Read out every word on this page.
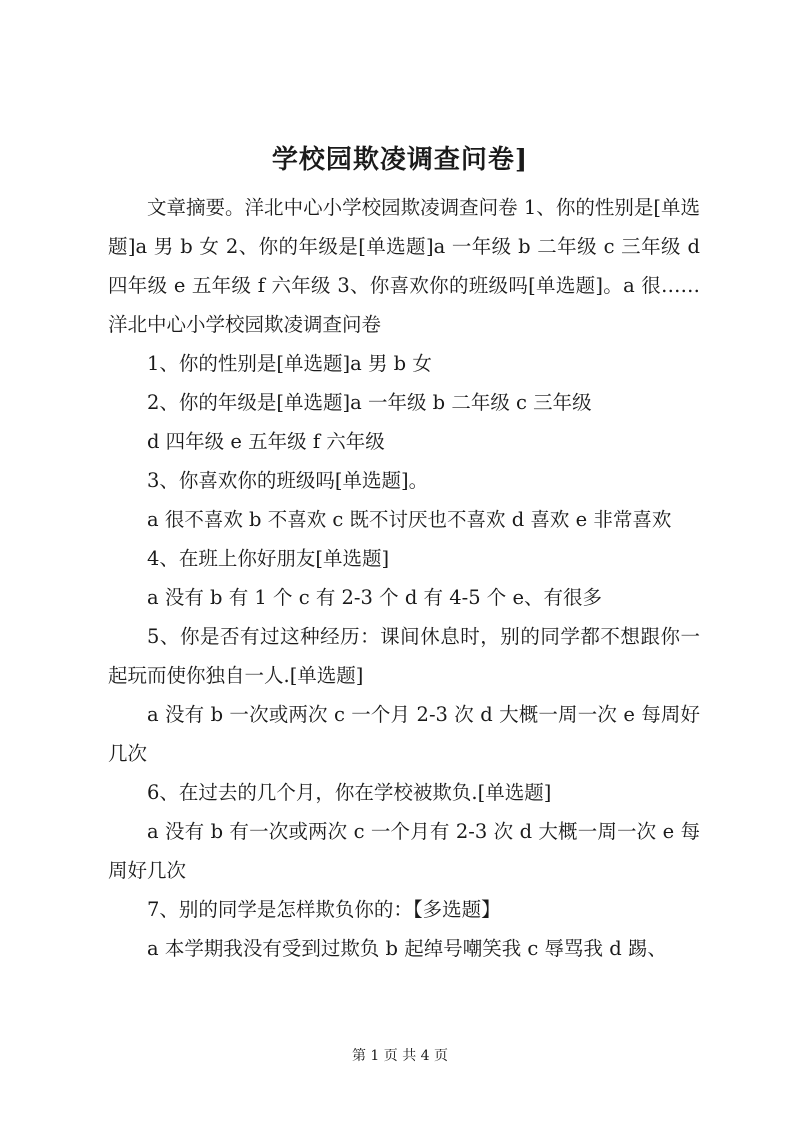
学校园欺凌调查问卷]

文章摘要。洋北中心小学校园欺凌调查问卷 1、你的性别是[单选题]a 男 b 女 2、你的年级是[单选题]a 一年级 b 二年级 c 三年级 d 四年级 e 五年级 f 六年级 3、你喜欢你的班级吗[单选题]。a 很……洋北中心小学校园欺凌调查问卷

1、你的性别是[单选题]a 男 b 女

2、你的年级是[单选题]a 一年级 b 二年级 c 三年级

d 四年级 e 五年级 f 六年级

3、你喜欢你的班级吗[单选题]。

a 很不喜欢 b 不喜欢 c 既不讨厌也不喜欢 d 喜欢 e 非常喜欢

4、在班上你好朋友[单选题]

a 没有 b 有 1 个 c 有 2-3 个 d 有 4-5 个 e、有很多

5、你是否有过这种经历：课间休息时，别的同学都不想跟你一起玩而使你独自一人.[单选题]

a 没有 b 一次或两次 c 一个月 2-3 次 d 大概一周一次 e 每周好几次

6、在过去的几个月，你在学校被欺负.[单选题]

a 没有 b 有一次或两次 c 一个月有 2-3 次 d 大概一周一次 e 每周好几次

7、别的同学是怎样欺负你的：【多选题】

a 本学期我没有受到过欺负 b 起绰号嘲笑我 c 辱骂我 d 踢、

第 1 页 共 4 页
